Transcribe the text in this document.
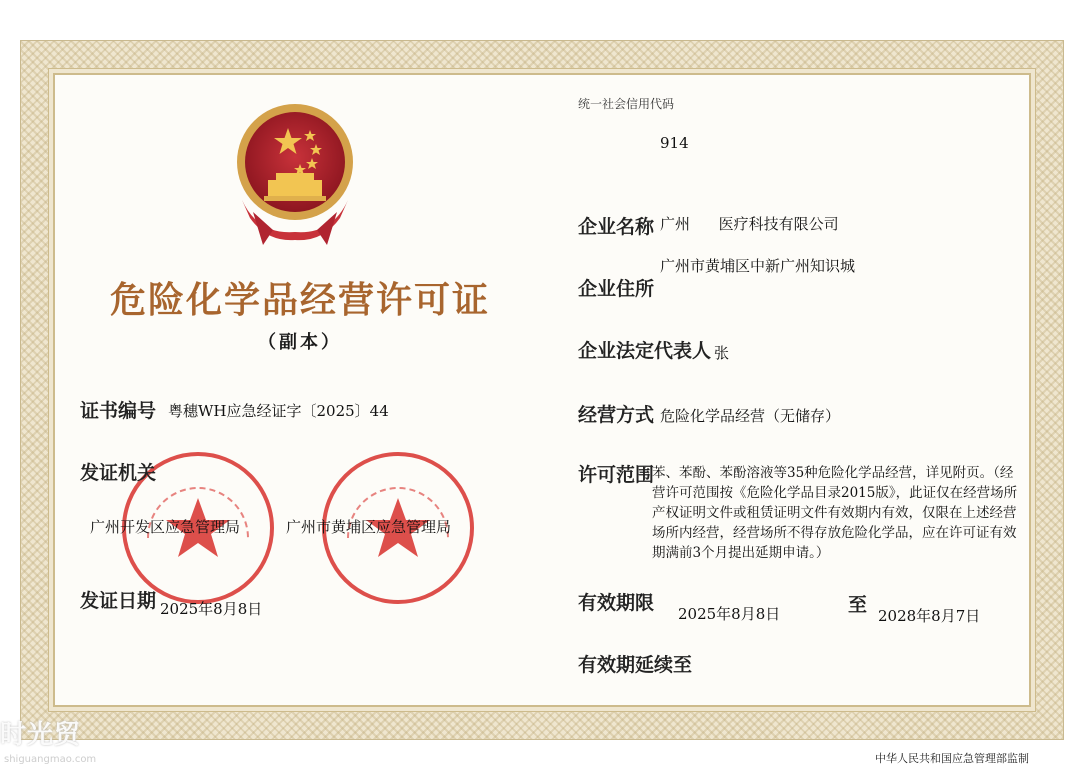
危险化学品经营许可证
（副本）
证书编号 粤穗WH应急经证字〔2025〕44
发证机关
广州开发区应急管理局	广州市黄埔区应急管理局
发证日期 2025年8月8日
统一社会信用代码
914
企业名称 广州      医疗科技有限公司
广州市黄埔区中新广州知识城
企业住所
企业法定代表人 张
经营方式 危险化学品经营（无储存）
许可范围
苯、苯酚、苯酚溶液等35种危险化学品经营，详见附页。（经营许可范围按《危险化学品目录2015版》，此证仅在经营场所产权证明文件或租赁证明文件有效期内有效，仅限在上述经营场所内经营，经营场所不得存放危险化学品，应在许可证有效期满前3个月提出延期申请。）
有效期限 2025年8月8日	至 2028年8月7日
有效期延续至
中华人民共和国应急管理部监制
时光贸
shiguangmao.com
